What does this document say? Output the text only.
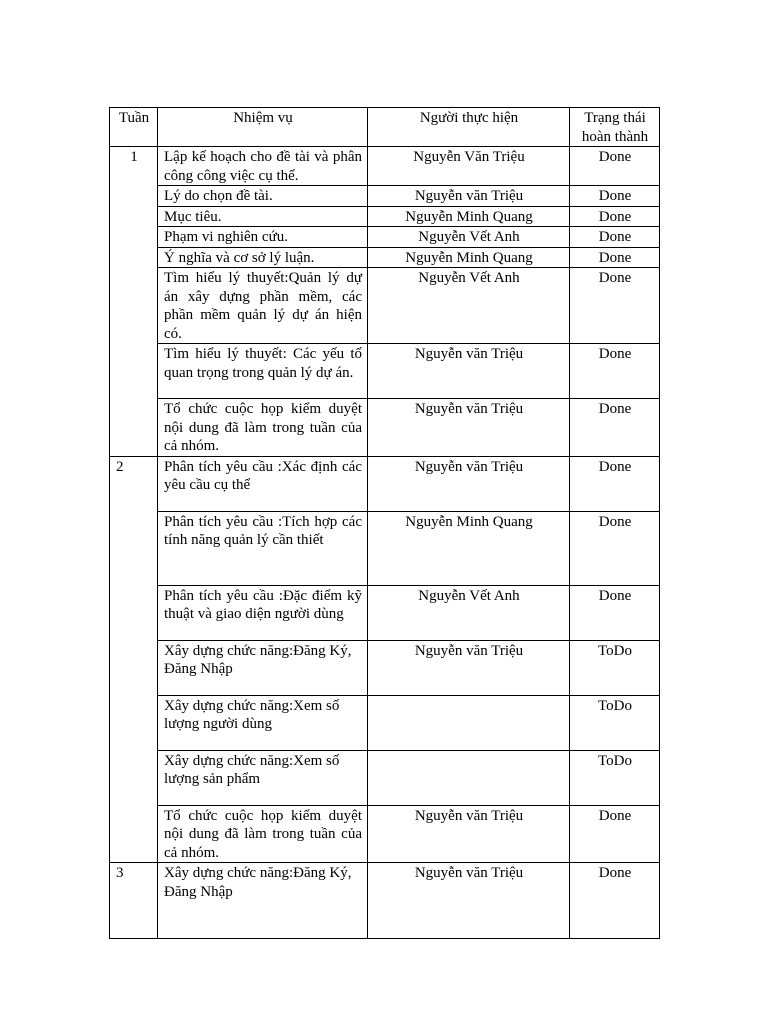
Tuần	Nhiệm vụ	Người thực hiện	Trạng thái hoàn thành
1	Lập kế hoạch cho đề tài và phân công công việc cụ thể.	Nguyễn Văn Triệu	Done
	Lý do chọn đề tài.	Nguyễn văn Triệu	Done
	Mục tiêu.	Nguyễn Minh Quang	Done
	Phạm vi nghiên cứu.	Nguyễn Vết Anh	Done
	Ý nghĩa và cơ sở lý luận.	Nguyễn Minh Quang	Done
	Tìm hiểu lý thuyết:Quản lý dự án xây dựng phần mềm, các phần mềm quản lý dự án hiện có.	Nguyễn Vết Anh	Done
	Tìm hiểu lý thuyết: Các yếu tố quan trọng trong quản lý dự án.	Nguyễn văn Triệu	Done
	Tổ chức cuộc họp kiểm duyệt nội dung đã làm trong tuần của cả nhóm.	Nguyễn văn Triệu	Done
2	Phân tích yêu cầu :Xác định các yêu cầu cụ thể	Nguyễn văn Triệu	Done
	Phân tích yêu cầu :Tích hợp các tính năng quản lý cần thiết	Nguyễn Minh Quang	Done
	Phân tích yêu cầu :Đặc điểm kỹ thuật và giao diện người dùng	Nguyễn Vết Anh	Done
	Xây dựng chức năng:Đăng Ký, Đăng Nhập	Nguyễn văn Triệu	ToDo
	Xây dựng chức năng:Xem số lượng người dùng		ToDo
	Xây dựng chức năng:Xem số lượng sản phẩm		ToDo
	Tổ chức cuộc họp kiểm duyệt nội dung đã làm trong tuần của cả nhóm.	Nguyễn văn Triệu	Done
3	Xây dựng chức năng:Đăng Ký, Đăng Nhập	Nguyễn văn Triệu	Done
